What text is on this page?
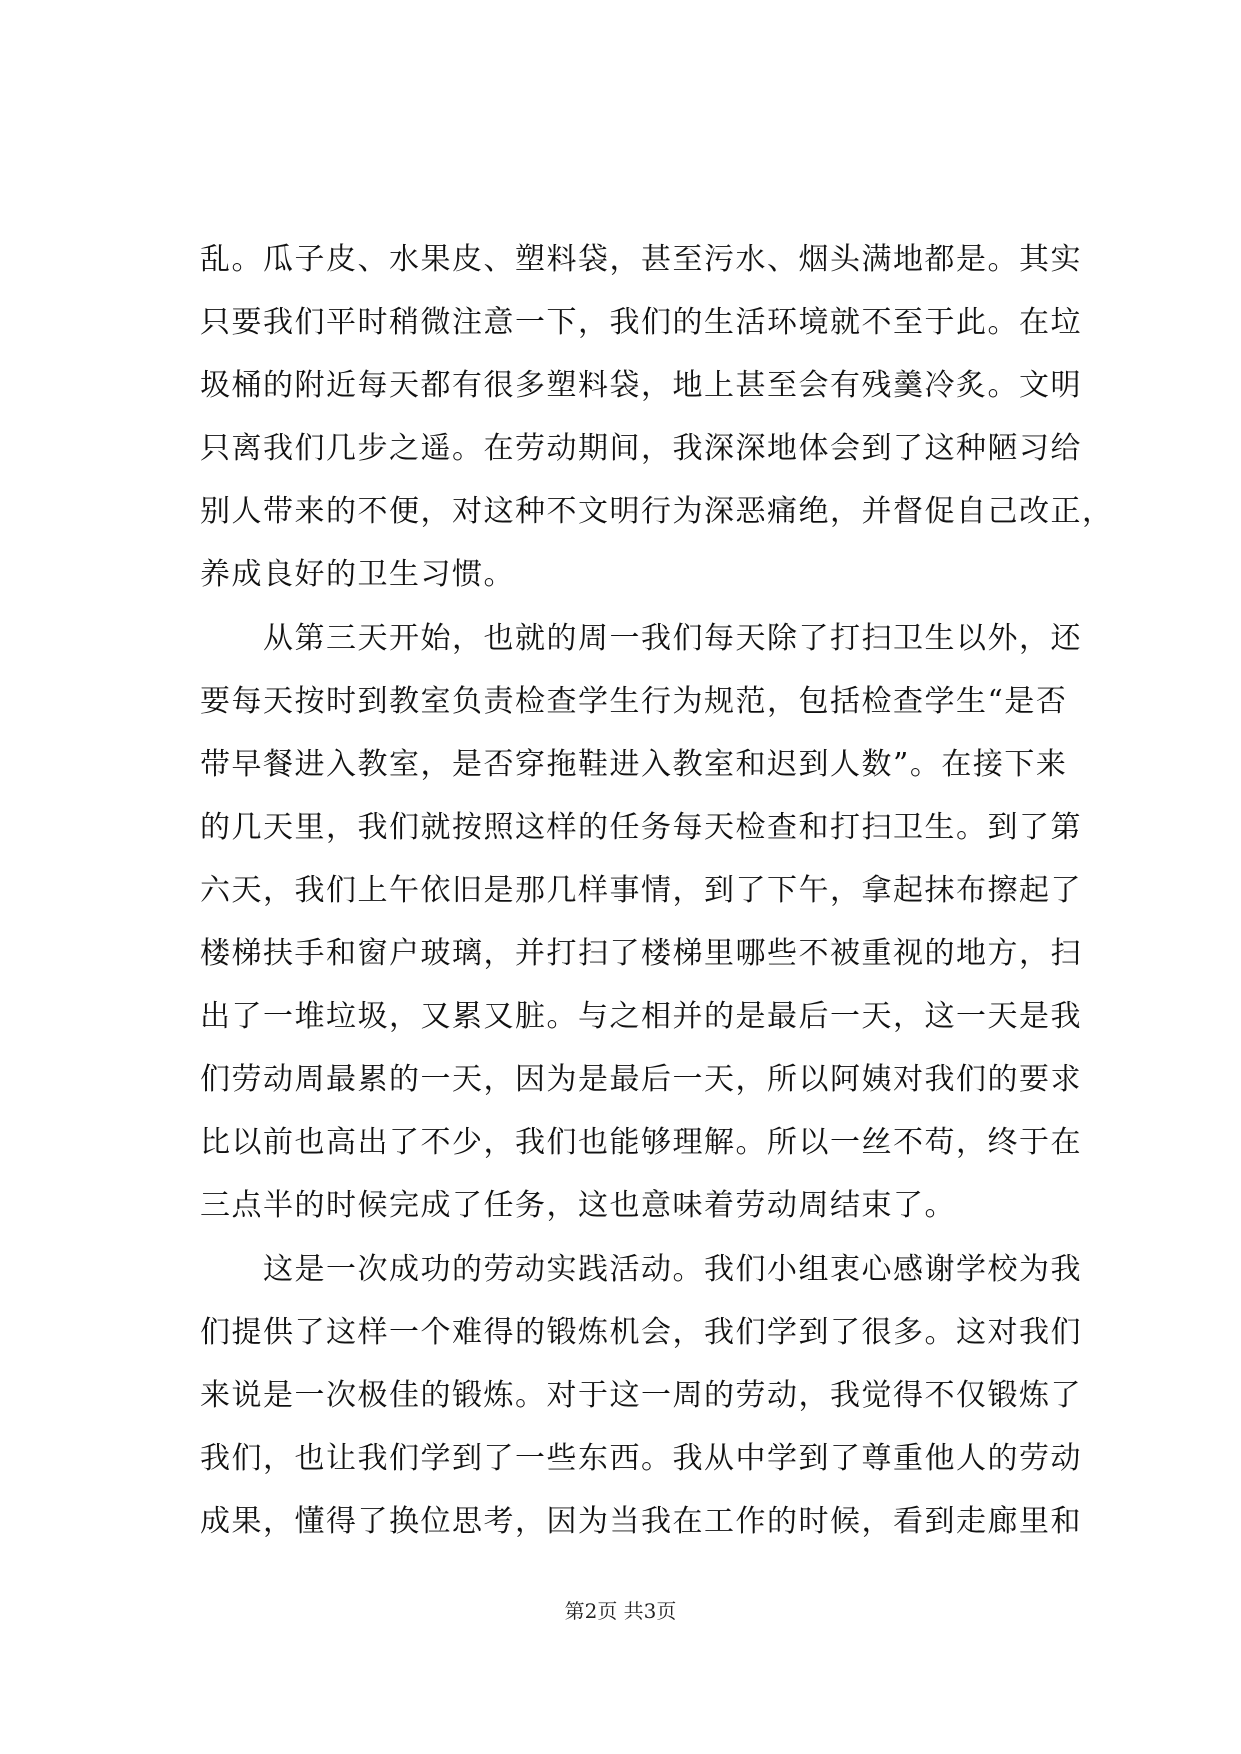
乱。瓜子皮、水果皮、塑料袋，甚至污水、烟头满地都是。其实
只要我们平时稍微注意一下，我们的生活环境就不至于此。在垃
圾桶的附近每天都有很多塑料袋，地上甚至会有残羹冷炙。文明
只离我们几步之遥。在劳动期间，我深深地体会到了这种陋习给
别人带来的不便，对这种不文明行为深恶痛绝，并督促自己改正，
养成良好的卫生习惯。
　　从第三天开始，也就的周一我们每天除了打扫卫生以外，还
要每天按时到教室负责检查学生行为规范，包括检查学生“是否
带早餐进入教室，是否穿拖鞋进入教室和迟到人数”。在接下来
的几天里，我们就按照这样的任务每天检查和打扫卫生。到了第
六天，我们上午依旧是那几样事情，到了下午，拿起抹布擦起了
楼梯扶手和窗户玻璃，并打扫了楼梯里哪些不被重视的地方，扫
出了一堆垃圾，又累又脏。与之相并的是最后一天，这一天是我
们劳动周最累的一天，因为是最后一天，所以阿姨对我们的要求
比以前也高出了不少，我们也能够理解。所以一丝不苟，终于在
三点半的时候完成了任务，这也意味着劳动周结束了。
　　这是一次成功的劳动实践活动。我们小组衷心感谢学校为我
们提供了这样一个难得的锻炼机会，我们学到了很多。这对我们
来说是一次极佳的锻炼。对于这一周的劳动，我觉得不仅锻炼了
我们，也让我们学到了一些东西。我从中学到了尊重他人的劳动
成果，懂得了换位思考，因为当我在工作的时候，看到走廊里和
第2页 共3页
